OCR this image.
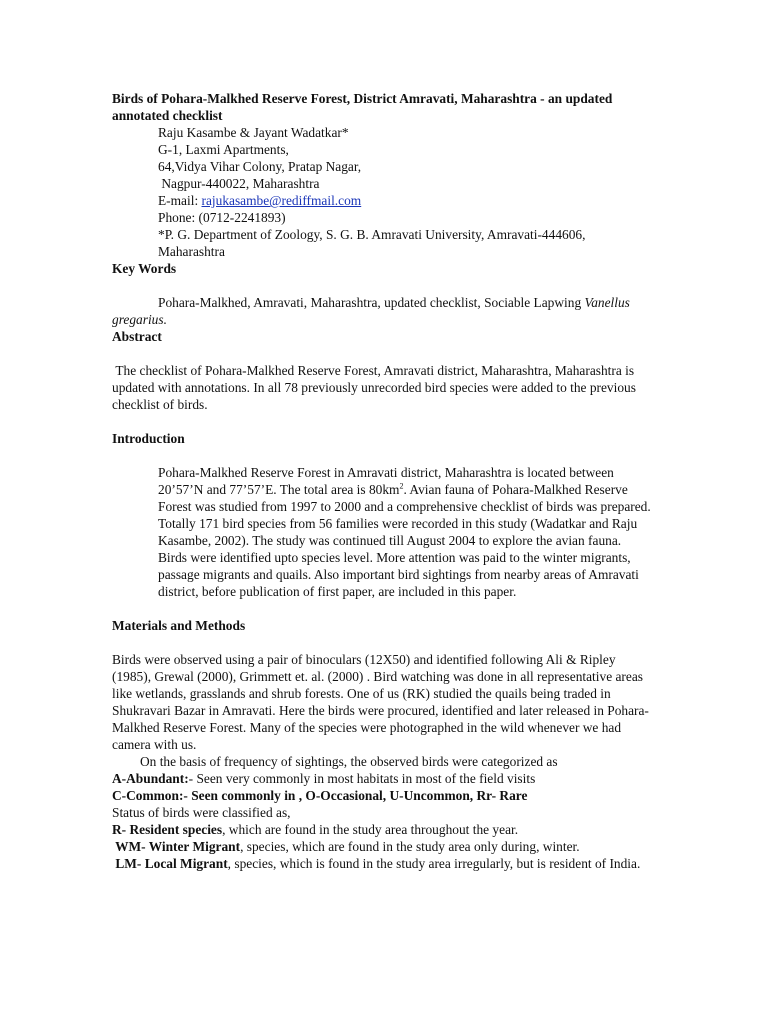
Birds of Pohara-Malkhed Reserve Forest, District Amravati, Maharashtra - an updated annotated checklist
Raju Kasambe & Jayant Wadatkar*
G-1, Laxmi Apartments,
64,Vidya Vihar Colony, Pratap Nagar,
Nagpur-440022, Maharashtra
E-mail: rajukasambe@rediffmail.com
Phone: (0712-2241893)
*P. G. Department of Zoology, S. G. B. Amravati University, Amravati-444606, Maharashtra
Key Words
Pohara-Malkhed, Amravati, Maharashtra, updated checklist, Sociable Lapwing Vanellus gregarius.
Abstract

The checklist of Pohara-Malkhed Reserve Forest, Amravati district, Maharashtra, Maharashtra is updated with annotations. In all 78 previously unrecorded bird species were added to the previous checklist of birds.

Introduction

Pohara-Malkhed Reserve Forest in Amravati district, Maharashtra is located between 20’57’N and 77’57’E. The total area is $80km^2$. Avian fauna of Pohara-Malkhed Reserve Forest was studied from 1997 to 2000 and a comprehensive checklist of birds was prepared. Totally 171 bird species from 56 families were recorded in this study (Wadatkar and Raju Kasambe, 2002). The study was continued till August 2004 to explore the avian fauna. Birds were identified upto species level. More attention was paid to the winter migrants, passage migrants and quails. Also important bird sightings from nearby areas of Amravati district, before publication of first paper, are included in this paper.

Materials and Methods

Birds were observed using a pair of binoculars (12X50) and identified following Ali & Ripley (1985), Grewal (2000), Grimmett et. al. (2000) . Bird watching was done in all representative areas like wetlands, grasslands and shrub forests. One of us (RK) studied the quails being traded in Shukravari Bazar in Amravati. Here the birds were procured, identified and later released in Pohara-Malkhed Reserve Forest. Many of the species were photographed in the wild whenever we had camera with us.

On the basis of frequency of sightings, the observed birds were categorized as

A-Abundant:- Seen very commonly in most habitats in most of the field visits

C-Common:- Seen commonly in , O-Occasional, U-Uncommon, Rr- Rare

Status of birds were classified as,

R- Resident species, which are found in the study area throughout the year.

WM- Winter Migrant, species, which are found in the study area only during, winter.

LM- Local Migrant, species, which is found in the study area irregularly, but is resident of India.
